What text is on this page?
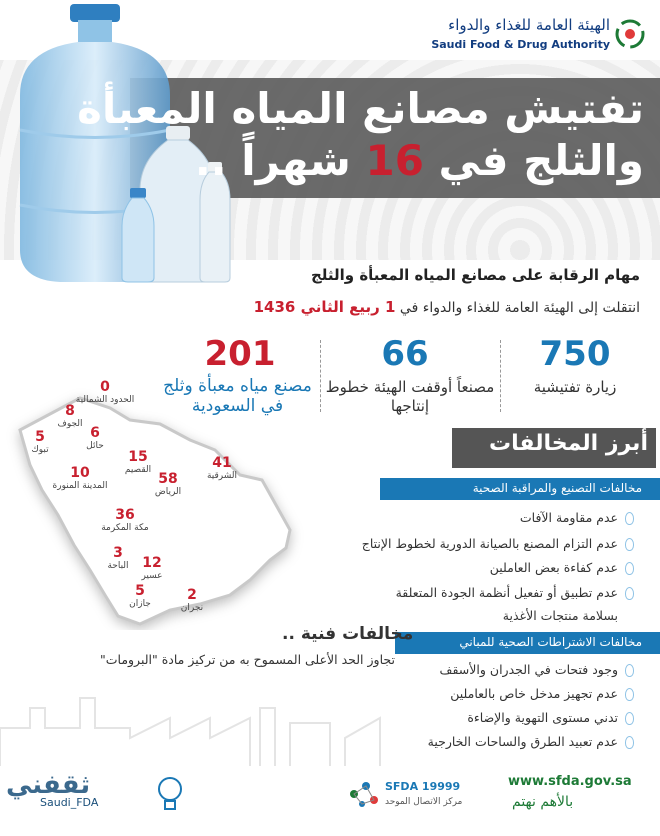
الهيئة العامة للغذاء والدواء
Saudi Food & Drug Authority
تفتيش مصانع المياه المعبأة
والثلج في 16 شهراً ..
مهام الرقابة على مصانع المياه المعبأة والثلج
انتقلت إلى الهيئة العامة للغذاء والدواء في 1 ربيع الثاني 1436
201
مصنع مياه معبأة وثلج في السعودية
66
مصنعاً أوقفت الهيئة خطوط إنتاجها
750
زيارة تفتيشية
0
الحدود الشمالية
8
الجوف
5
تبوك
6
حائل
15
القصيم
10
المدينة المنورة
41
الشرقية
58
الرياض
36
مكة المكرمة
3
الباحة 12
عسير
5
جازان
2
نجران
أبرز المخالفات
مخالفات التصنيع والمراقبة الصحية
عدم مقاومة الآفات
عدم التزام المصنع بالصيانة الدورية لخطوط الإنتاج
عدم كفاءة بعض العاملين
عدم تطبيق أو تفعيل أنظمة الجودة المتعلقة
بسلامة منتجات الأغذية
مخالفات الاشتراطات الصحية للمباني
وجود فتحات في الجدران والأسقف
عدم تجهيز مدخل خاص بالعاملين
تدني مستوى التهوية والإضاءة
عدم تعبيد الطرق والساحات الخارجية
مخالفات فنية ..
تجاوز الحد الأعلى المسموح به من تركيز مادة "البرومات"
www.sfda.gov.sa
بالأهم نهتم
SFDA 19999
مركز الاتصال الموحد
ثقفني
Saudi_FDA
